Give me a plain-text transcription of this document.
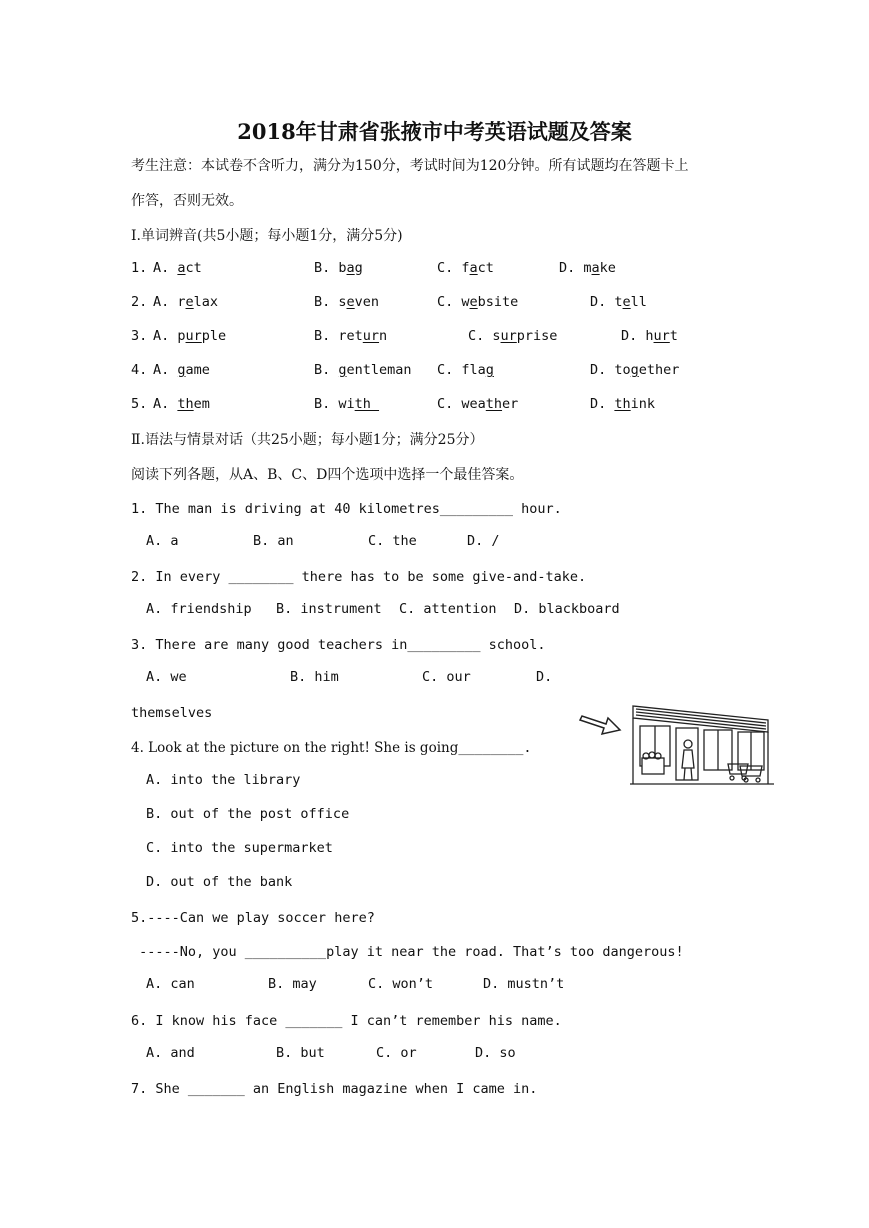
2018年甘肃省张掖市中考英语试题及答案
考生注意：本试卷不含听力，满分为150分，考试时间为120分钟。所有试题均在答题卡上
作答，否则无效。
I.单词辨音(共5小题；每小题1分，满分5分)
1. A. act	B. bag	C. fact	D. make
2. A. relax	B. seven	C. website	D. tell
3. A. purple	B. return	C. surprise	D. hurt
4. A. game	B. gentleman C. flag	D. together
5. A. them	B. with	C. weather	D. think
Ⅱ.语法与情景对话（共25小题；每小题1分；满分25分）
阅读下列各题，从A、B、C、D四个选项中选择一个最佳答案。
1. The man is driving at 40 kilometres_________ hour.
A. a	B. an	C. the	D. /
2. In every ________ there has to be some give-and-take.
A. friendship B. instrument C. attention D. blackboard
3. There are many good teachers in_________ school.
A. we	B. him	C. our	D.
themselves
4. Look at the picture on the right! She is going________.
A. into the library
B. out of the post office
C. into the supermarket
D. out of the bank
5.----Can we play soccer here?
-----No, you __________play it near the road. That’s too dangerous!
A. can	B. may	C. won’t	D. mustn’t
6. I know his face _______ I can’t remember his name.
A. and	B. but	C. or	D. so
7. She _______ an English magazine when I came in.
